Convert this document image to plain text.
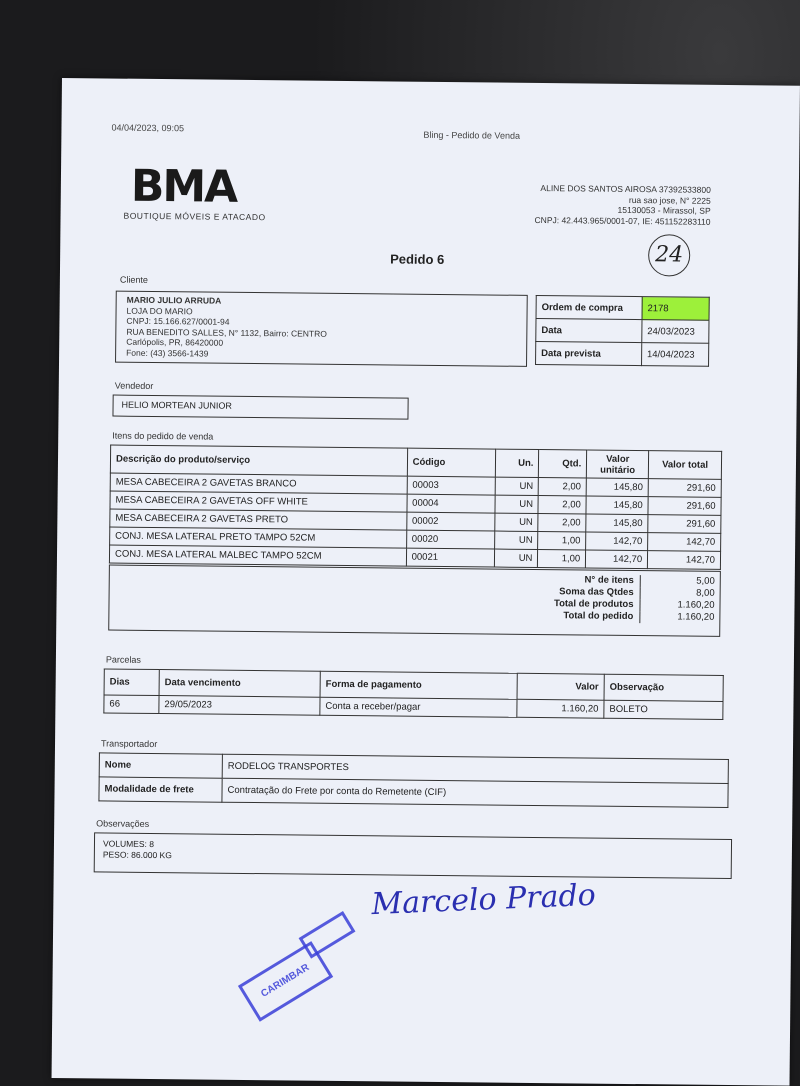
04/04/2023, 09:05
Bling - Pedido de Venda
BMA
BOUTIQUE MÓVEIS E ATACADO
ALINE DOS SANTOS AIROSA 37392533800
rua sao jose, N° 2225
15130053 - Mirassol, SP
CNPJ: 42.443.965/0001-07, IE: 451152283110
Pedido 6	24
Cliente
MARIO JULIO ARRUDA
LOJA DO MARIO
CNPJ: 15.166.627/0001-94
RUA BENEDITO SALLES, N° 1132, Bairro: CENTRO
Carlópolis, PR, 86420000
Fone: (43) 3566-1439
Ordem de compra	2178
Data	24/03/2023
Data prevista	14/04/2023
Vendedor
HELIO MORTEAN JUNIOR
Itens do pedido de venda
Descrição do produto/serviço	Código	Un.	Qtd.	Valor unitário	Valor total
MESA CABECEIRA 2 GAVETAS BRANCO	00003	UN	2,00	145,80	291,60
MESA CABECEIRA 2 GAVETAS OFF WHITE	00004	UN	2,00	145,80	291,60
MESA CABECEIRA 2 GAVETAS PRETO	00002	UN	2,00	145,80	291,60
CONJ. MESA LATERAL PRETO TAMPO 52CM	00020	UN	1,00	142,70	142,70
CONJ. MESA LATERAL MALBEC TAMPO 52CM	00021	UN	1,00	142,70	142,70
N° de itens	5,00
Soma das Qtdes	8,00
Total de produtos	1.160,20
Total do pedido	1.160,20
Parcelas
Dias	Data vencimento	Forma de pagamento	Valor	Observação
66	29/05/2023	Conta a receber/pagar	1.160,20	BOLETO
Transportador
Nome	RODELOG TRANSPORTES
Modalidade de frete	Contratação do Frete por conta do Remetente (CIF)
Observações
VOLUMES: 8
PESO: 86.000 KG
Marcelo Prado
CARIMBAR
